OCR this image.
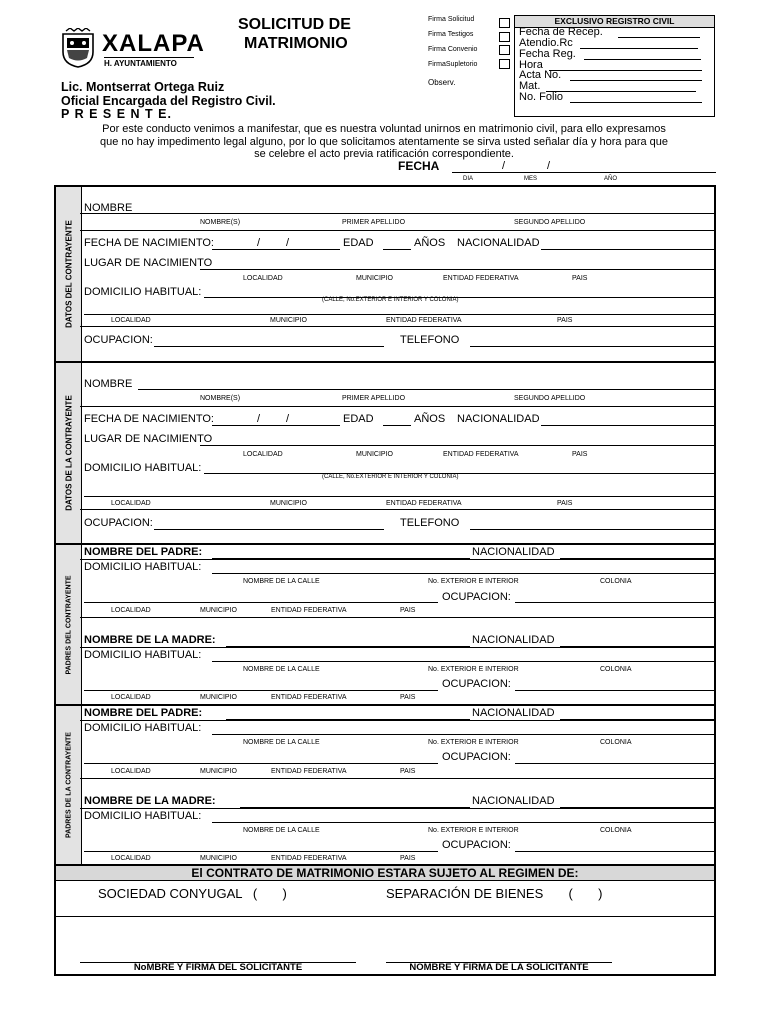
XALAPA
H. AYUNTAMIENTO
SOLICITUD DE
MATRIMONIO
Firma Solicitud
Firma Testigos
Firma Convenio
FirmaSupletorio
Observ.
EXCLUSIVO REGISTRO CIVIL
Fecha de Recep.
Atendio.Rc
Fecha Reg.
Hora
Acta No.
Mat.
No. Folio
Lic. Montserrat Ortega Ruiz
Oficial Encargada del Registro Civil.
P R E S E N T E.
Por este conducto venimos a manifestar, que es nuestra voluntad unirnos en matrimonio civil, para ello expresamos
que no hay impedimento legal alguno, por lo que solicitamos atentamente se sirva usted señalar día y hora para que
se celebre el acto previa ratificación correspondiente.
FECHA	/	/
DIA	MES	AÑO
DATOS DEL CONTRAYENTE
NOMBRE
NOMBRE(S)	PRIMER APELLIDO	SEGUNDO APELLIDO
FECHA DE NACIMIENTO:	/ /	EDAD	AÑOS NACIONALIDAD
LUGAR DE NACIMIENTO
LOCALIDAD	MUNICIPIO	ENTIDAD FEDERATIVA	PAIS
DOMICILIO HABITUAL:
(CALLE, No.EXTERIOR E INTERIOR Y COLONIA)
LOCALIDAD	MUNICIPIO	ENTIDAD FEDERATIVA	PAIS
OCUPACION:	TELEFONO
DATOS DE LA CONTRAYENTE
NOMBRE
NOMBRE(S)	PRIMER APELLIDO	SEGUNDO APELLIDO
FECHA DE NACIMIENTO:	/ /	EDAD	AÑOS NACIONALIDAD
LUGAR DE NACIMIENTO
LOCALIDAD	MUNICIPIO	ENTIDAD FEDERATIVA	PAIS
DOMICILIO HABITUAL:
(CALLE, No.EXTERIOR E INTERIOR Y COLONIA)
LOCALIDAD	MUNICIPIO	ENTIDAD FEDERATIVA	PAIS
OCUPACION:	TELEFONO
PADRES DEL CONTRAYENTE
NOMBRE DEL PADRE:	NACIONALIDAD
DOMICILIO HABITUAL:
NOMBRE DE LA CALLE	No. EXTERIOR E INTERIOR	COLONIA
OCUPACION:
LOCALIDAD	MUNICIPIO	ENTIDAD FEDERATIVA	PAIS
NOMBRE DE LA MADRE:	NACIONALIDAD
DOMICILIO HABITUAL:
NOMBRE DE LA CALLE	No. EXTERIOR E INTERIOR	COLONIA
OCUPACION:
LOCALIDAD	MUNICIPIO	ENTIDAD FEDERATIVA	PAIS
PADRES DE LA CONTRAYENTE
NOMBRE DEL PADRE:	NACIONALIDAD
DOMICILIO HABITUAL:
NOMBRE DE LA CALLE	No. EXTERIOR E INTERIOR	COLONIA
OCUPACION:
LOCALIDAD	MUNICIPIO	ENTIDAD FEDERATIVA	PAIS
NOMBRE DE LA MADRE:	NACIONALIDAD
DOMICILIO HABITUAL:
NOMBRE DE LA CALLE	No. EXTERIOR E INTERIOR	COLONIA
OCUPACION:
LOCALIDAD	MUNICIPIO	ENTIDAD FEDERATIVA	PAIS
El CONTRATO DE MATRIMONIO ESTARA SUJETO AL REGIMEN DE:
SOCIEDAD CONYUGAL   (       )	SEPARACIÓN DE BIENES       (       )
NoMBRE Y FIRMA DEL SOLICITANTE	NOMBRE Y FIRMA DE LA SOLICITANTE
